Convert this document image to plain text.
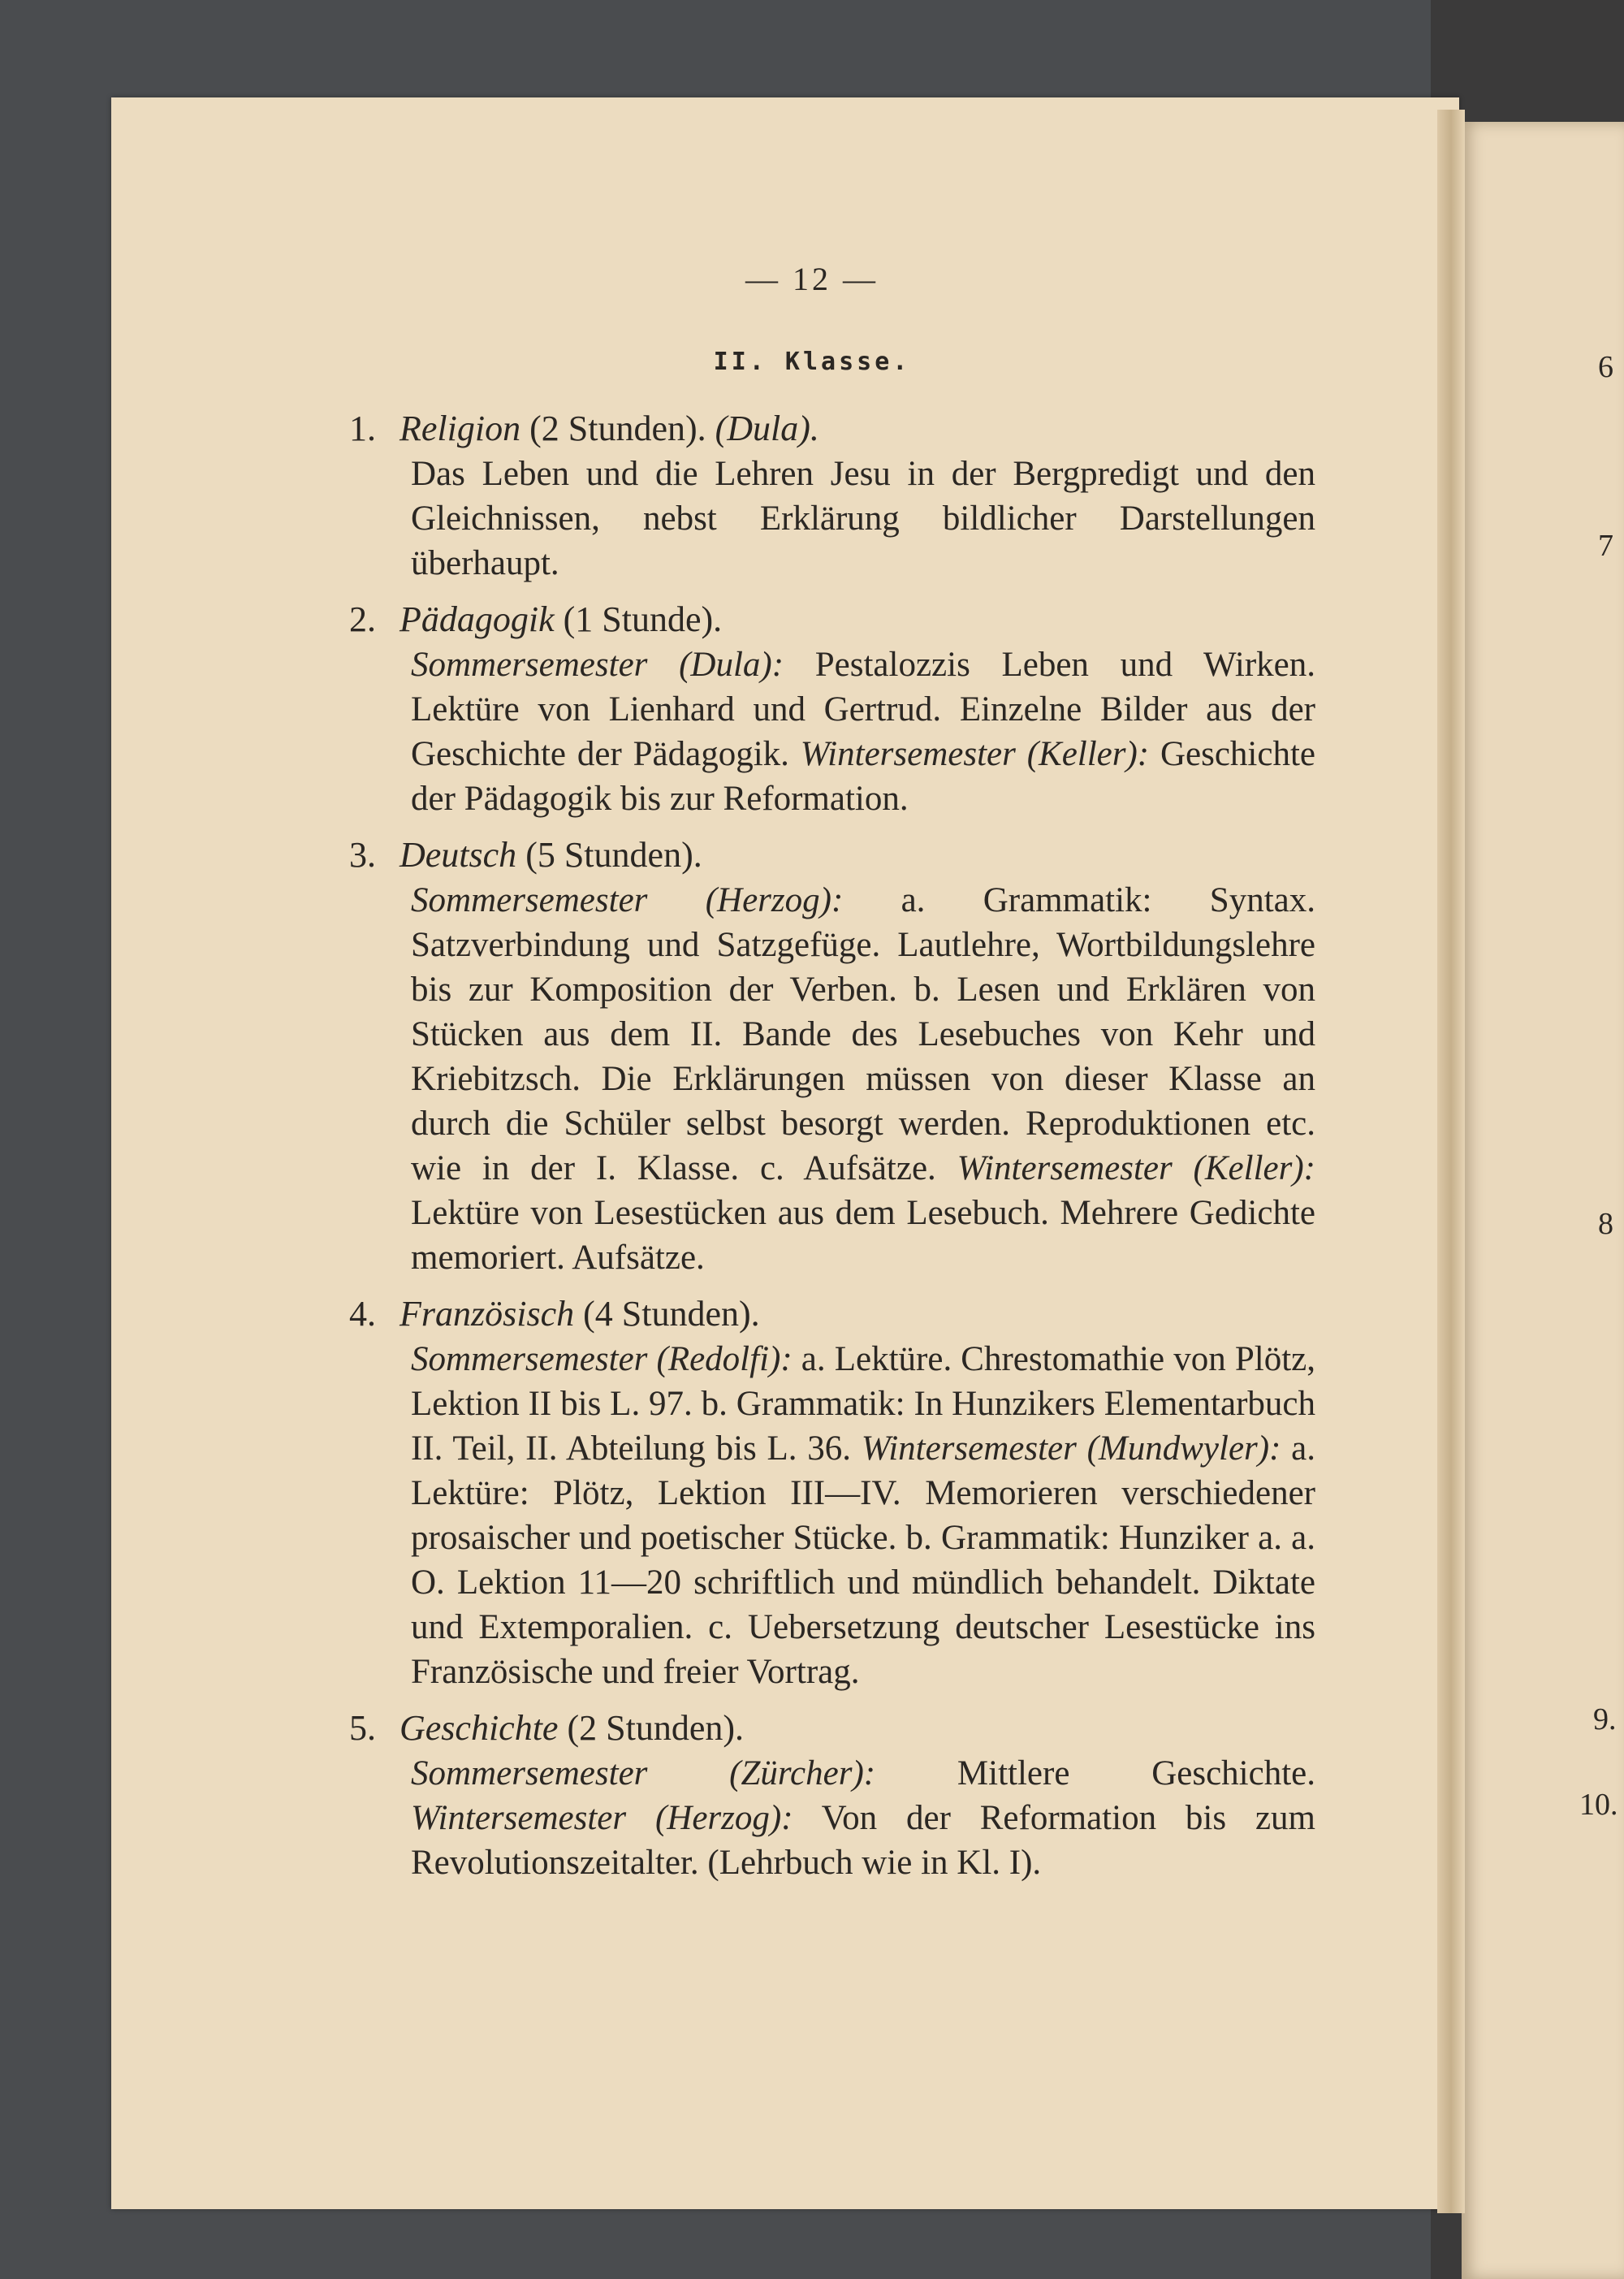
6
7
8
9.
10.
— 12 —
II. Klasse.
1. Religion (2 Stunden). (Dula).
Das Leben und die Lehren Jesu in der Bergpredigt und den Gleichnissen, nebst Erklärung bildlicher Darstellungen überhaupt.
2. Pädagogik (1 Stunde).
Sommersemester (Dula): Pestalozzis Leben und Wirken. Lektüre von Lienhard und Gertrud. Einzelne Bilder aus der Geschichte der Pädagogik. Wintersemester (Keller): Geschichte der Pädagogik bis zur Reformation.
3. Deutsch (5 Stunden).
Sommersemester (Herzog): a. Grammatik: Syntax. Satzverbindung und Satzgefüge. Lautlehre, Wortbildungslehre bis zur Komposition der Verben. b. Lesen und Erklären von Stücken aus dem II. Bande des Lesebuches von Kehr und Kriebitzsch. Die Erklärungen müssen von dieser Klasse an durch die Schüler selbst besorgt werden. Reproduktionen etc. wie in der I. Klasse. c. Aufsätze. Wintersemester (Keller): Lektüre von Lesestücken aus dem Lesebuch. Mehrere Gedichte memoriert. Aufsätze.
4. Französisch (4 Stunden).
Sommersemester (Redolfi): a. Lektüre. Chrestomathie von Plötz, Lektion II bis L. 97. b. Grammatik: In Hunzikers Elementarbuch II. Teil, II. Abteilung bis L. 36. Wintersemester (Mundwyler): a. Lektüre: Plötz, Lektion III—IV. Memorieren verschiedener prosaischer und poetischer Stücke. b. Grammatik: Hunziker a. a. O. Lektion 11—20 schriftlich und mündlich behandelt. Diktate und Extemporalien. c. Uebersetzung deutscher Lesestücke ins Französische und freier Vortrag.
5. Geschichte (2 Stunden).
Sommersemester (Zürcher): Mittlere Geschichte. Wintersemester (Herzog): Von der Reformation bis zum Revolutionszeitalter. (Lehrbuch wie in Kl. I).
